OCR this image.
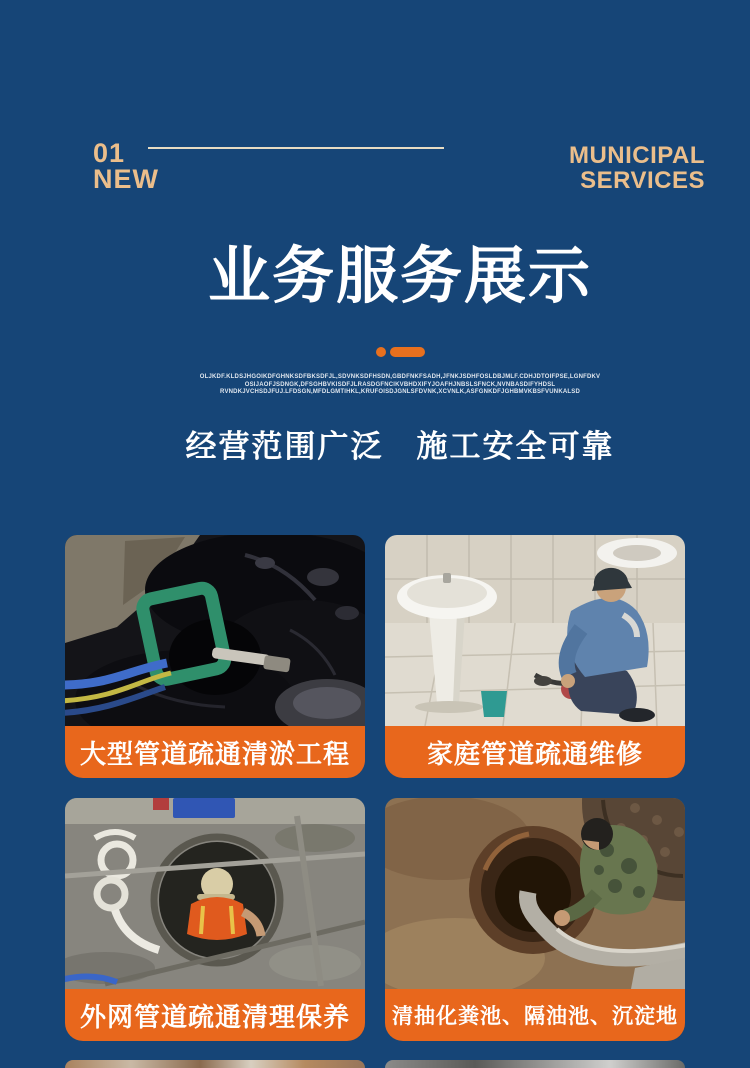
01
NEW
MUNICIPAL
SERVICES
业务服务展示
OLJKDF.KLDSJHGOIKDFGHNKSDFBKSDFJL,SDVNKSDFHSDN,GBDFNKFSADH,JFNKJSDHFOSLDBJMLF.CDHJDTOIFPSE,LGNFDKV
OSIJAOFJSDNGK,DFSGHBVKISDFJLRASDGFNCIKVBHDXIFYJOAFHJNBSLSFNCK,NVNBASDIFYHDSL
RVNDKJVCHSDJFUJ.LFDSGN,MFDLGMTIHKL,KRUFOISDJGNLSFDVNK,XCVNLK,ASFGNKDFJGHBMVKBSFVUNKALSD
经营范围广泛　施工安全可靠
大型管道疏通清淤工程	家庭管道疏通维修
外网管道疏通清理保养	清抽化粪池、隔油池、沉淀地
